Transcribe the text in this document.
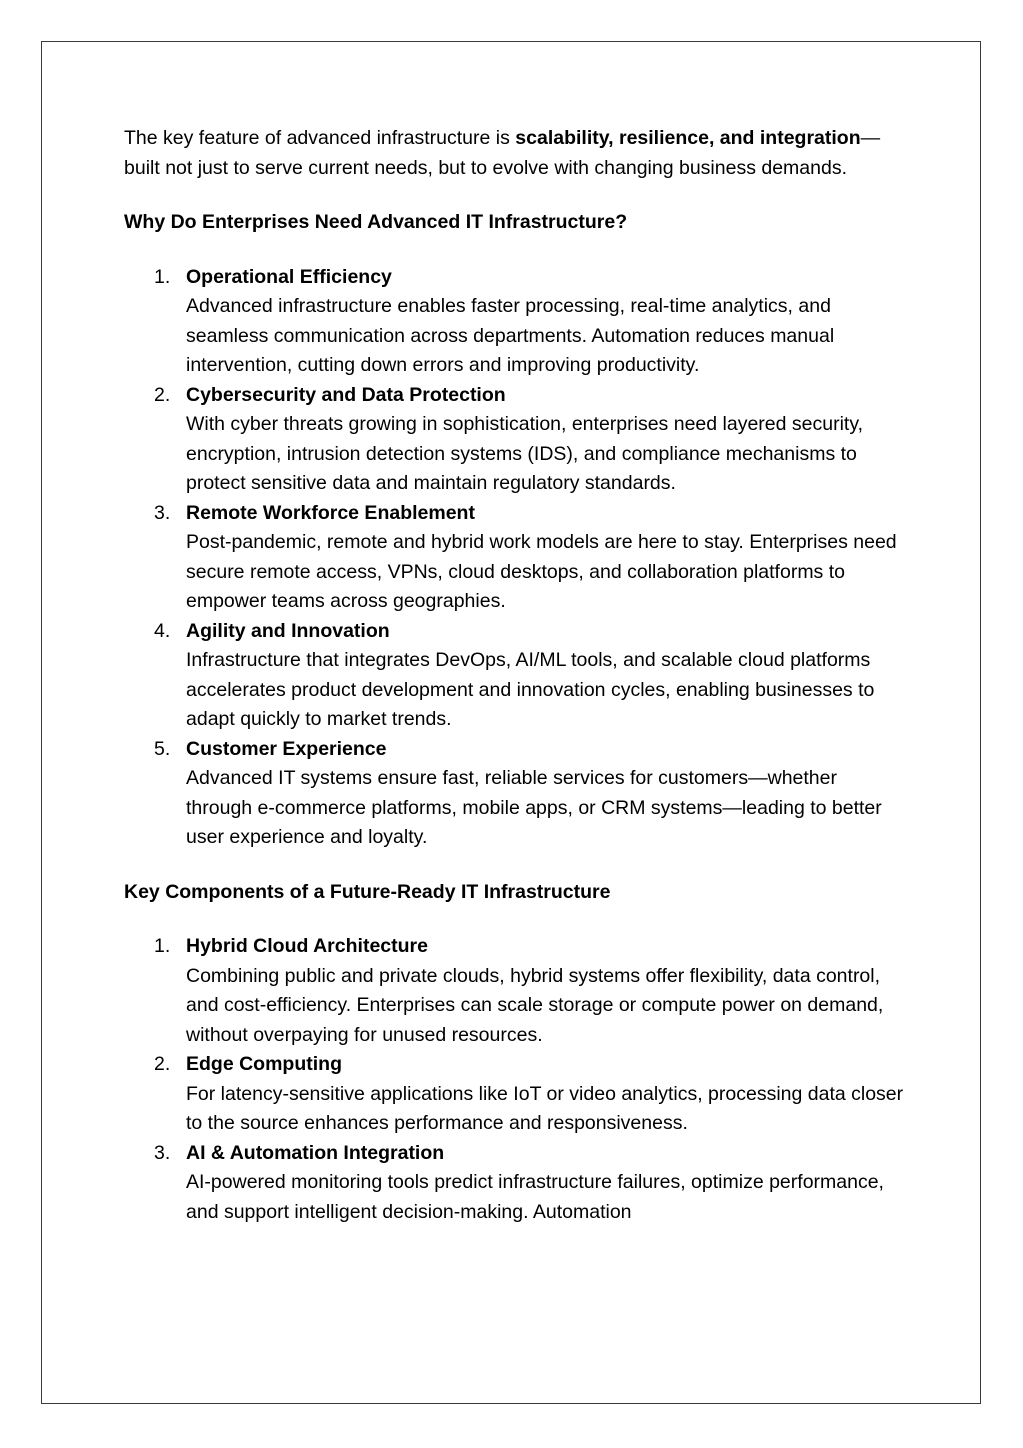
The key feature of advanced infrastructure is scalability, resilience, and integration—built not just to serve current needs, but to evolve with changing business demands.

Why Do Enterprises Need Advanced IT Infrastructure?

1. Operational Efficiency
Advanced infrastructure enables faster processing, real-time analytics, and seamless communication across departments. Automation reduces manual intervention, cutting down errors and improving productivity.
2. Cybersecurity and Data Protection
With cyber threats growing in sophistication, enterprises need layered security, encryption, intrusion detection systems (IDS), and compliance mechanisms to protect sensitive data and maintain regulatory standards.
3. Remote Workforce Enablement
Post-pandemic, remote and hybrid work models are here to stay. Enterprises need secure remote access, VPNs, cloud desktops, and collaboration platforms to empower teams across geographies.
4. Agility and Innovation
Infrastructure that integrates DevOps, AI/ML tools, and scalable cloud platforms accelerates product development and innovation cycles, enabling businesses to adapt quickly to market trends.
5. Customer Experience
Advanced IT systems ensure fast, reliable services for customers—whether through e-commerce platforms, mobile apps, or CRM systems—leading to better user experience and loyalty.

Key Components of a Future-Ready IT Infrastructure

1. Hybrid Cloud Architecture
Combining public and private clouds, hybrid systems offer flexibility, data control, and cost-efficiency. Enterprises can scale storage or compute power on demand, without overpaying for unused resources.
2. Edge Computing
For latency-sensitive applications like IoT or video analytics, processing data closer to the source enhances performance and responsiveness.
3. AI & Automation Integration
AI-powered monitoring tools predict infrastructure failures, optimize performance, and support intelligent decision-making. Automation
